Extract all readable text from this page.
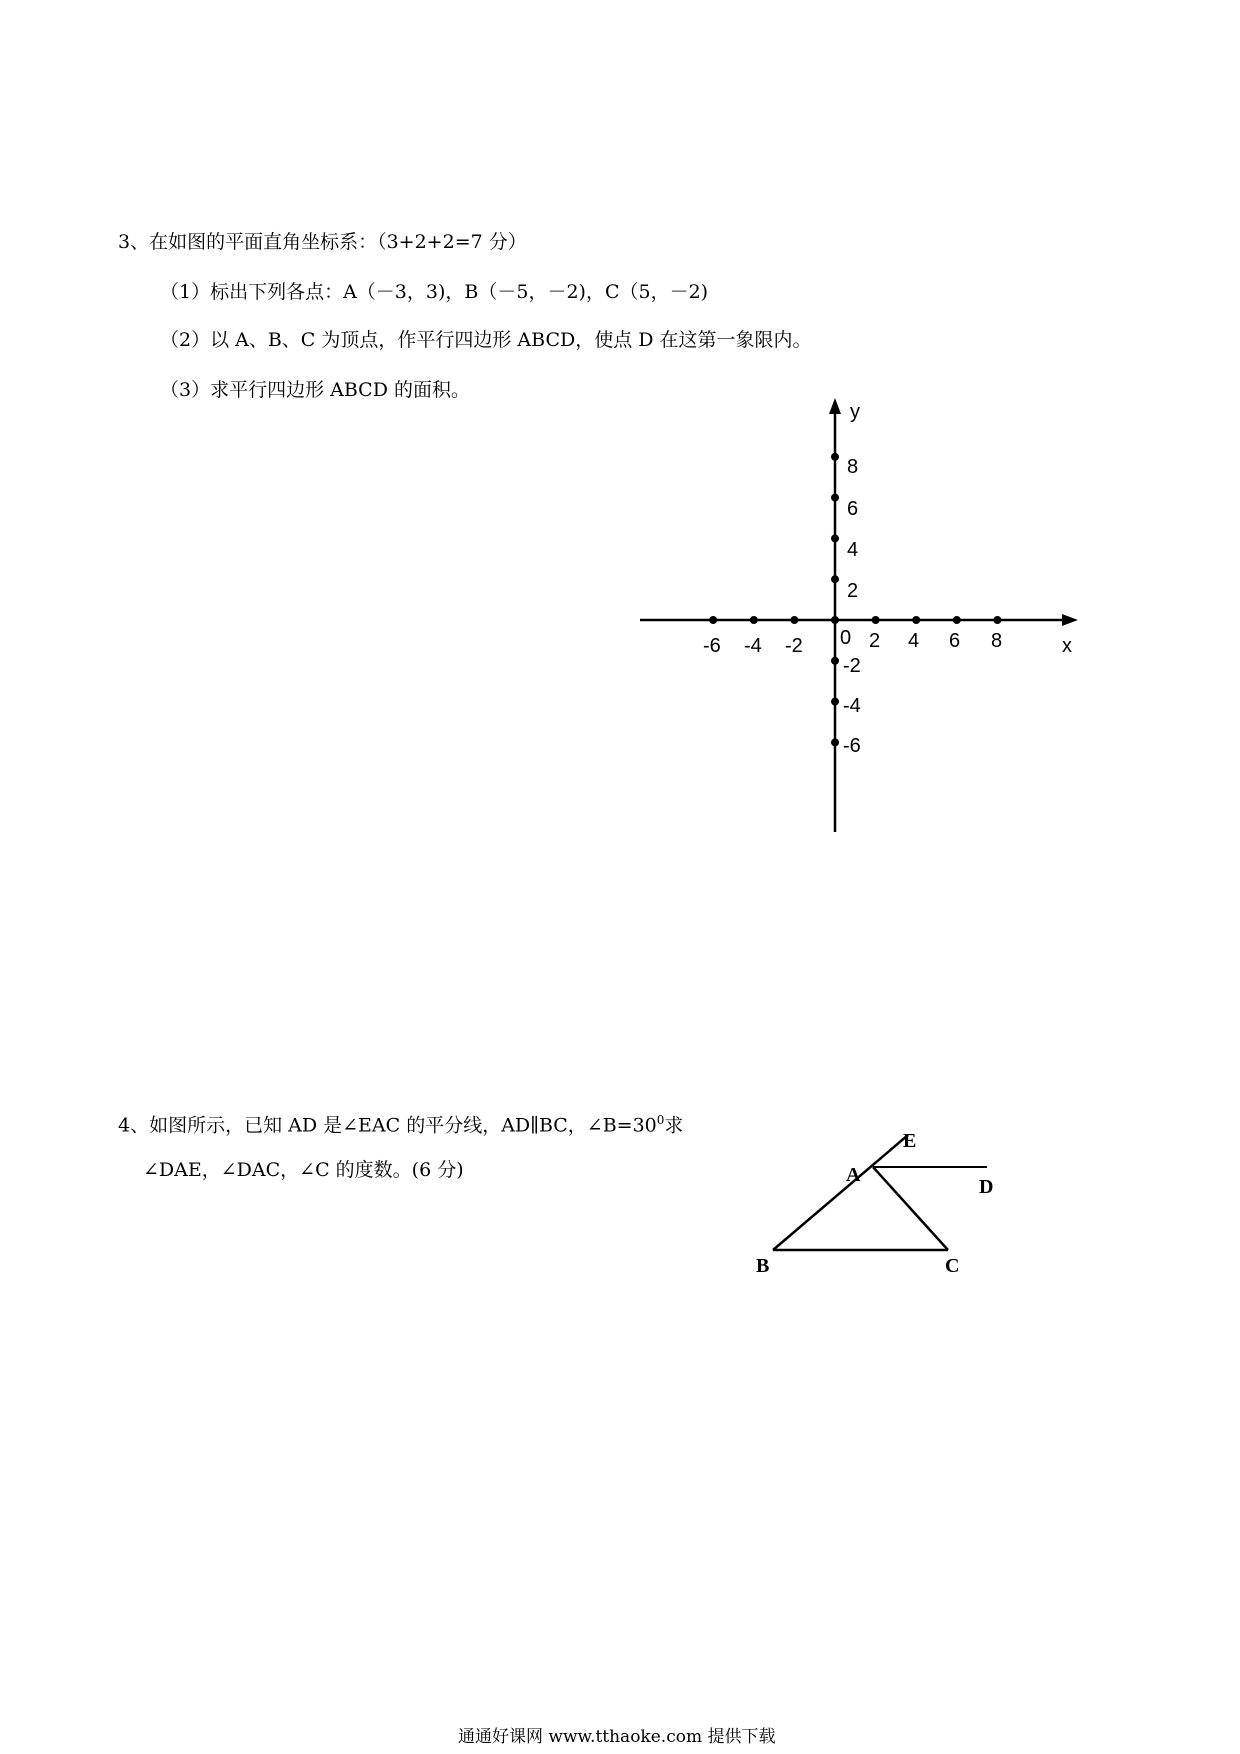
3、在如图的平面直角坐标系：（3+2+2=7 分）
（1）标出下列各点：A（－3，3)，B（－5，－2)，C（5，－2)
（2）以 A、B、C 为顶点，作平行四边形 ABCD，使点 D 在这第一象限内。
（3）求平行四边形 ABCD 的面积。
y
x
0
-6 -4 -2	2 4 6 8
2
4
6
8
-2
-4
-6
4、如图所示，已知 AD 是∠EAC 的平分线，AD∥BC，$\angle B=30^0$求
∠DAE，∠DAC，∠C 的度数。(6 分)	A
B	C
D
E
通通好课网 www.tthaoke.com 提供下载
